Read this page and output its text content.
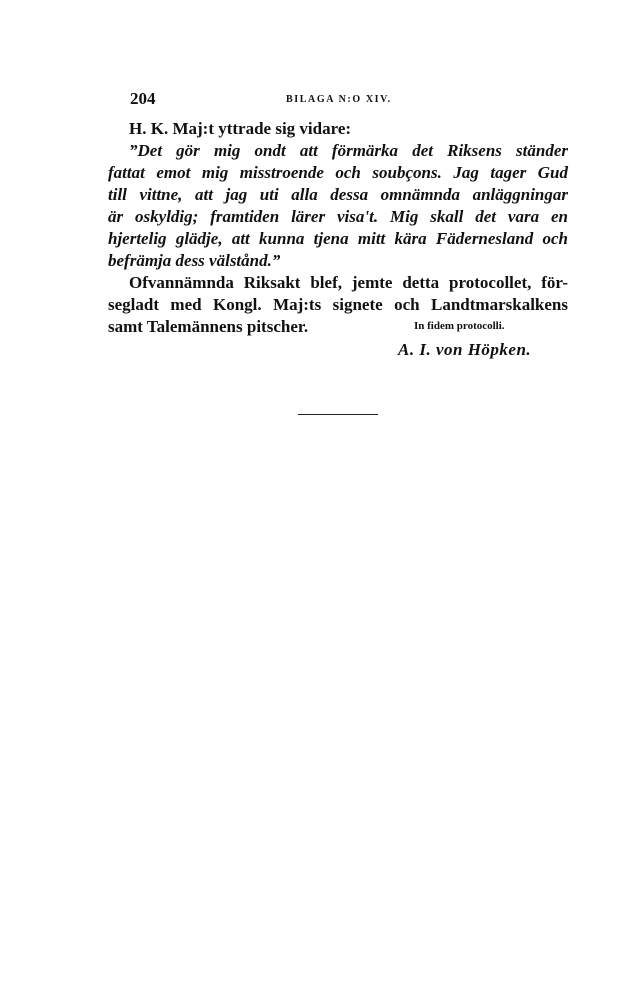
204	BILAGA N:O XIV.
H. K. Maj:t yttrade sig vidare:
”Det gör mig ondt att förmärka det Riksens ständer
fattat emot mig misstroende och soubçons. Jag tager Gud
till vittne, att jag uti alla dessa omnämnda anläggningar
är oskyldig; framtiden lärer visa't. Mig skall det vara en
hjertelig glädje, att kunna tjena mitt kära Fädernesland och
befrämja dess välstånd.”
Ofvannämnda Riksakt blef, jemte detta protocollet, för-
segladt med Kongl. Maj:ts signete och Landtmarskalkens
samt Talemännens pitscher.	In fidem protocolli.
A. I. von Höpken.
